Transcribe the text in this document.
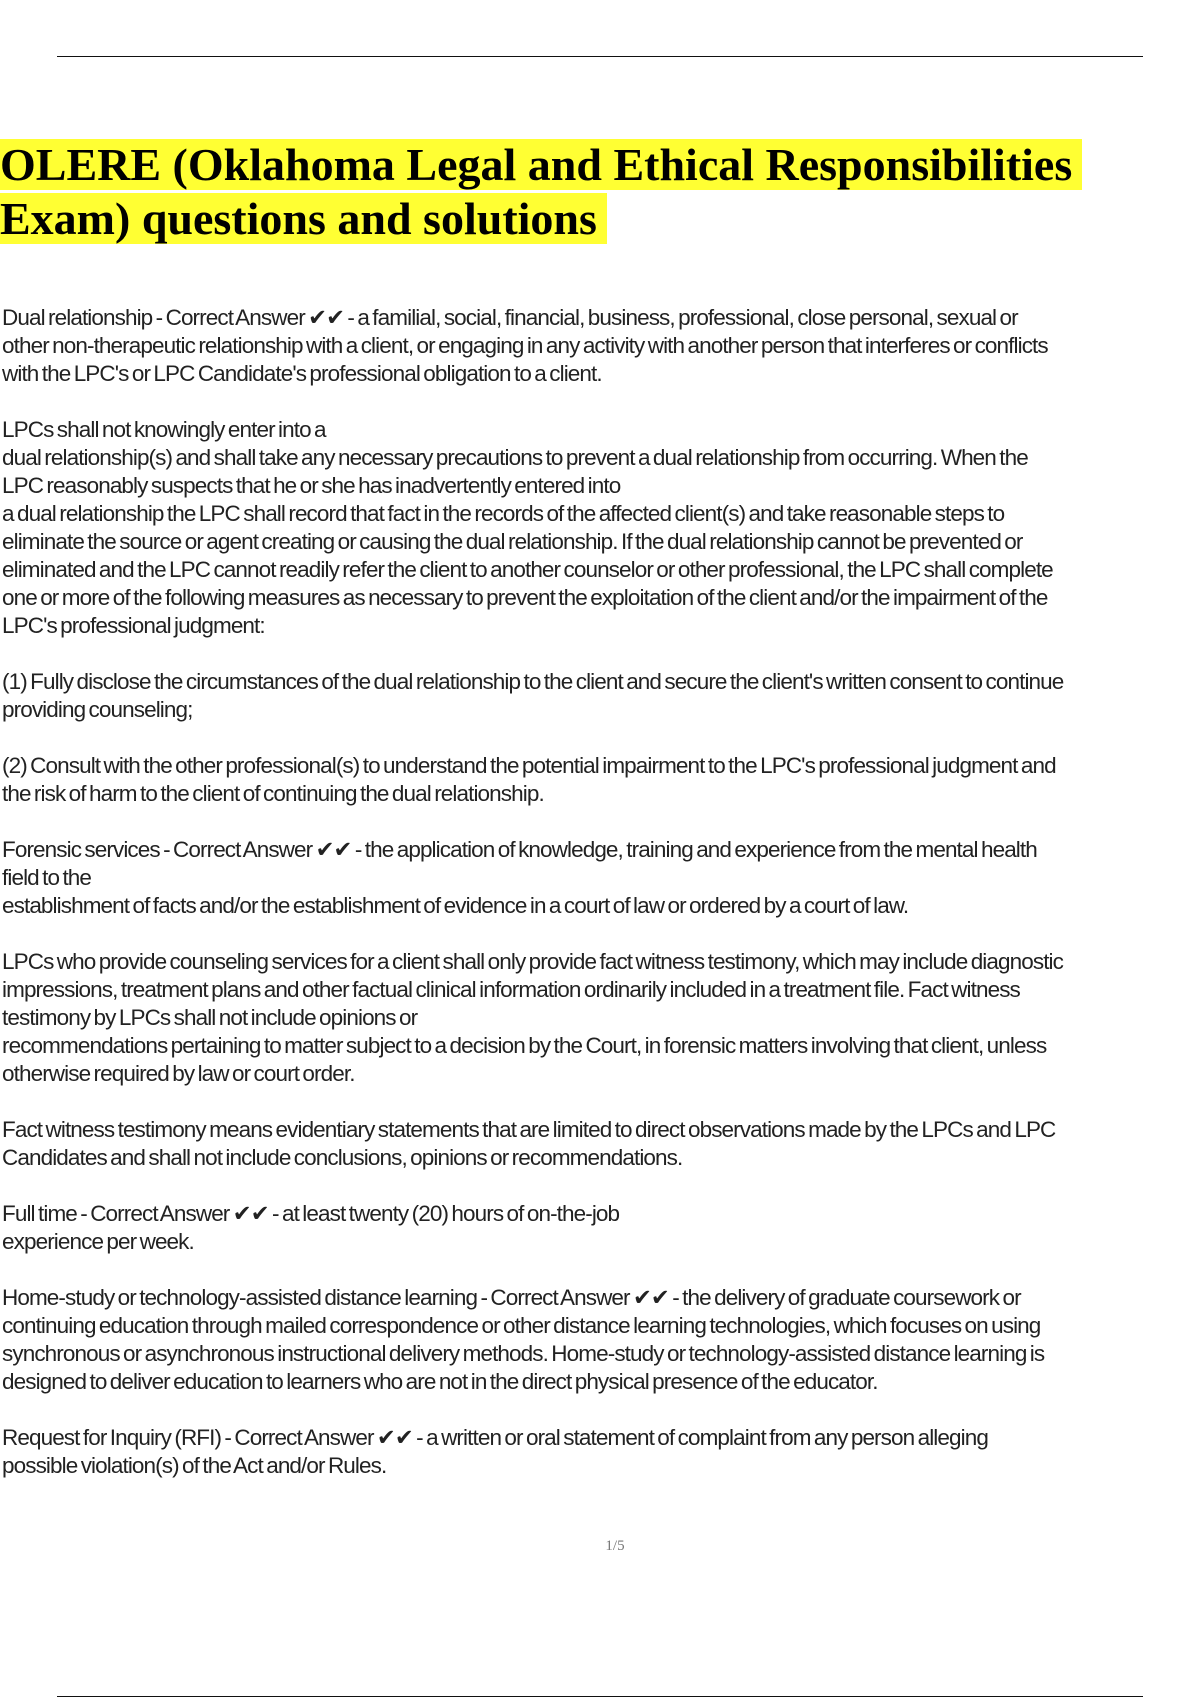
OLERE (Oklahoma Legal and Ethical Responsibilities Exam) questions and solutions

Dual relationship - Correct Answer ✔✔ - a familial, social, financial, business, professional, close personal, sexual or
other non-therapeutic relationship with a client, or engaging in any activity with another person that interferes or conflicts
with the LPC's or LPC Candidate's professional obligation to a client.

LPCs shall not knowingly enter into a
dual relationship(s) and shall take any necessary precautions to prevent a dual relationship from occurring. When the
LPC reasonably suspects that he or she has inadvertently entered into
a dual relationship the LPC shall record that fact in the records of the affected client(s) and take reasonable steps to
eliminate the source or agent creating or causing the dual relationship. If the dual relationship cannot be prevented or
eliminated and the LPC cannot readily refer the client to another counselor or other professional, the LPC shall complete
one or more of the following measures as necessary to prevent the exploitation of the client and/or the impairment of the
LPC's professional judgment:

(1) Fully disclose the circumstances of the dual relationship to the client and secure the client's written consent to continue
providing counseling;

(2) Consult with the other professional(s) to understand the potential impairment to the LPC's professional judgment and
the risk of harm to the client of continuing the dual relationship.

Forensic services - Correct Answer ✔✔ - the application of knowledge, training and experience from the mental health
field to the
establishment of facts and/or the establishment of evidence in a court of law or ordered by a court of law.

LPCs who provide counseling services for a client shall only provide fact witness testimony, which may include diagnostic
impressions, treatment plans and other factual clinical information ordinarily included in a treatment file. Fact witness
testimony by LPCs shall not include opinions or
recommendations pertaining to matter subject to a decision by the Court, in forensic matters involving that client, unless
otherwise required by law or court order.

Fact witness testimony means evidentiary statements that are limited to direct observations made by the LPCs and LPC
Candidates and shall not include conclusions, opinions or recommendations.

Full time - Correct Answer ✔✔ - at least twenty (20) hours of on-the-job
experience per week.

Home-study or technology-assisted distance learning - Correct Answer ✔✔ - the delivery of graduate coursework or
continuing education through mailed correspondence or other distance learning technologies, which focuses on using
synchronous or asynchronous instructional delivery methods. Home-study or technology-assisted distance learning is
designed to deliver education to learners who are not in the direct physical presence of the educator.

Request for Inquiry (RFI) - Correct Answer ✔✔ - a written or oral statement of complaint from any person alleging
possible violation(s) of the Act and/or Rules.

1/5
